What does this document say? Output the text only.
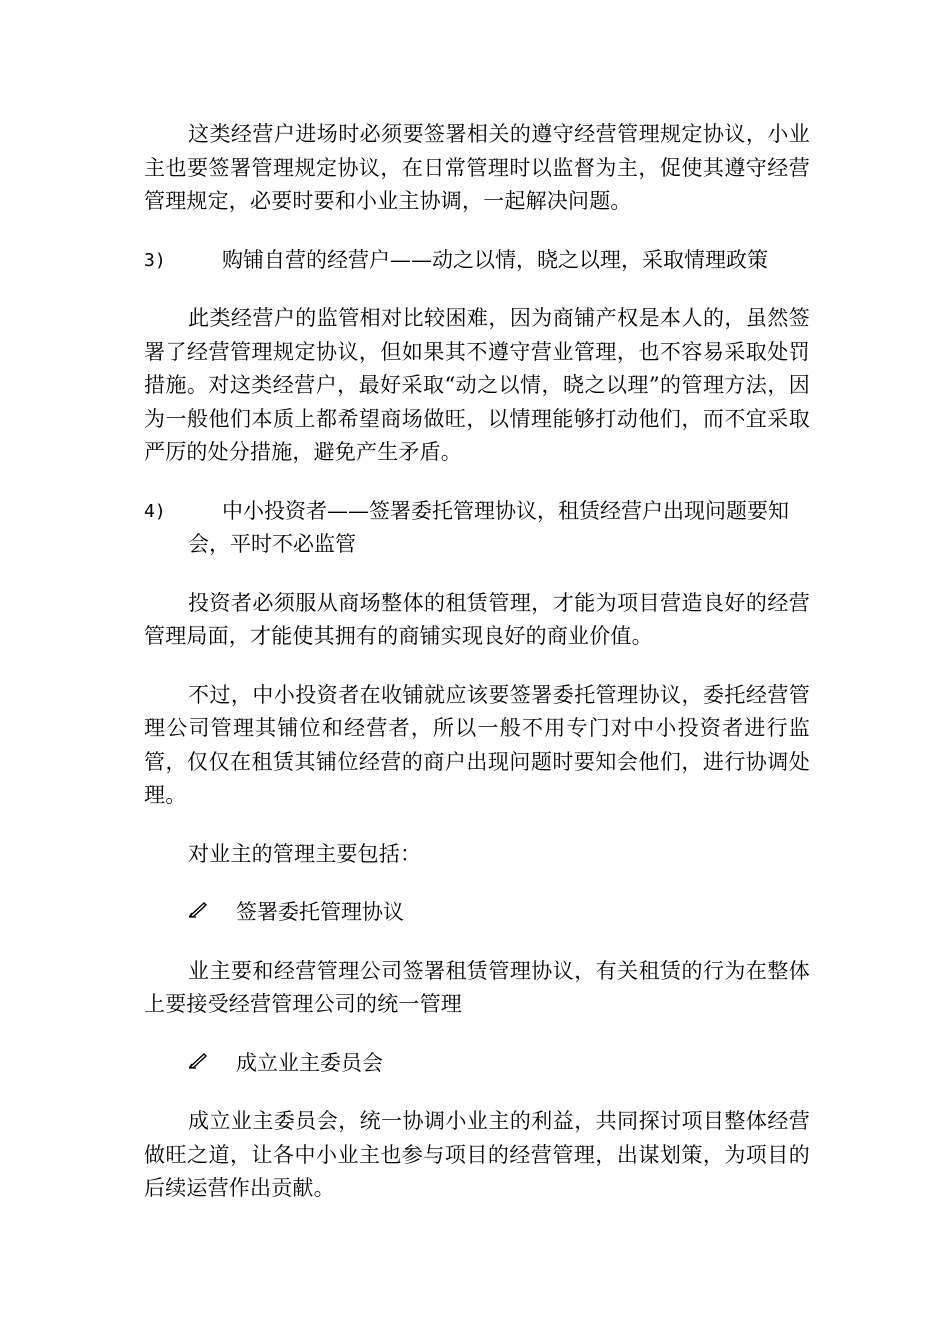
这类经营户进场时必须要签署相关的遵守经营管理规定协议，小业主也要签署管理规定协议，在日常管理时以监督为主，促使其遵守经营管理规定，必要时要和小业主协调，一起解决问题。

3)	购铺自营的经营户——动之以情，晓之以理，采取情理政策

此类经营户的监管相对比较困难，因为商铺产权是本人的，虽然签署了经营管理规定协议，但如果其不遵守营业管理，也不容易采取处罚措施。对这类经营户，最好采取“动之以情，晓之以理”的管理方法，因为一般他们本质上都希望商场做旺，以情理能够打动他们，而不宜采取严厉的处分措施，避免产生矛盾。

4)	中小投资者——签署委托管理协议，租赁经营户出现问题要知会，平时不必监管

投资者必须服从商场整体的租赁管理，才能为项目营造良好的经营管理局面，才能使其拥有的商铺实现良好的商业价值。

不过，中小投资者在收铺就应该要签署委托管理协议，委托经营管理公司管理其铺位和经营者，所以一般不用专门对中小投资者进行监管，仅仅在租赁其铺位经营的商户出现问题时要知会他们，进行协调处理。

对业主的管理主要包括：

签署委托管理协议

业主要和经营管理公司签署租赁管理协议，有关租赁的行为在整体上要接受经营管理公司的统一管理

成立业主委员会

成立业主委员会，统一协调小业主的利益，共同探讨项目整体经营做旺之道，让各中小业主也参与项目的经营管理，出谋划策，为项目的后续运营作出贡献。
